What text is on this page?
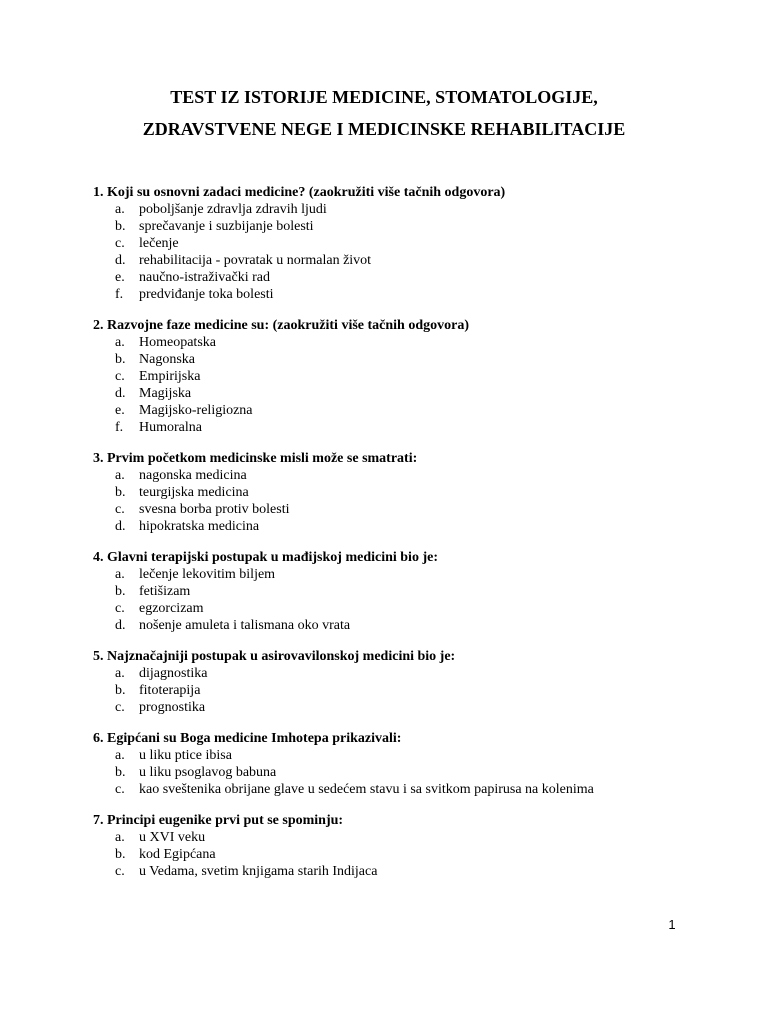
TEST IZ ISTORIJE MEDICINE, STOMATOLOGIJE,
ZDRAVSTVENE NEGE I MEDICINSKE REHABILITACIJE

1. Koji su osnovni zadaci medicine? (zaokružiti više tačnih odgovora)

a.	poboljšanje zdravlja zdravih ljudi
b. sprečavanje i suzbijanje bolesti
c.	lečenje
d. rehabilitacija - povratak u normalan život
e.	naučno-istraživački rad
f.	predviđanje toka bolesti

2. Razvojne faze medicine su: (zaokružiti više tačnih odgovora)

a.	Homeopatska
b. Nagonska
c.	Empirijska
d. Magijska
e.	Magijsko-religiozna
f.	Humoralna

3. Prvim početkom medicinske misli može se smatrati:

a.	nagonska medicina
b. teurgijska medicina
c.	svesna borba protiv bolesti
d. hipokratska medicina

4. Glavni terapijski postupak u mađijskoj medicini bio je:

a.	lečenje lekovitim biljem
b. fetišizam
c.	egzorcizam
d. nošenje amuleta i talismana oko vrata

5. Najznačajniji postupak u asirovavilonskoj medicini bio je:

a.	dijagnostika
b. fitoterapija
c.	prognostika

6. Egipćani su Boga medicine Imhotepa prikazivali:

a.	u liku ptice ibisa
b. u liku psoglavog babuna
c.	kao sveštenika obrijane glave u sedećem stavu i sa svitkom papirusa na kolenima

7. Principi eugenike prvi put se spominju:

a.	u XVI veku
b. kod Egipćana
c.	u Vedama, svetim knjigama starih Indijaca
1
